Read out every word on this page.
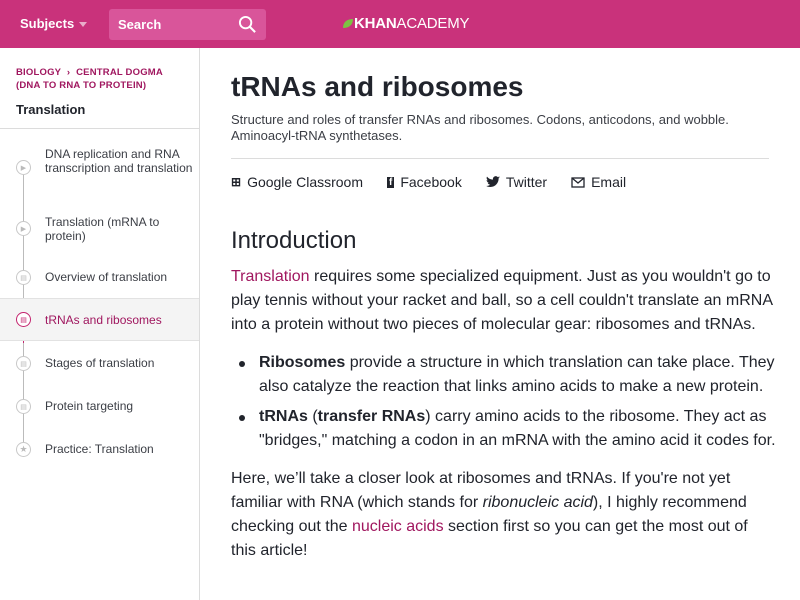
Subjects	Search	KHANACADEMY
BIOLOGY › CENTRAL DOGMA (DNA TO RNA TO PROTEIN)
Translation
▶
DNA replication and RNA transcription and translation
▶	Translation (mRNA to protein)
▤	Overview of translation
▤	tRNAs and ribosomes
▤	Stages of translation
▤	Protein targeting
★ Practice: Translation
tRNAs and ribosomes
Structure and roles of transfer RNAs and ribosomes. Codons, anticodons, and wobble. Aminoacyl-tRNA synthetases.
⊞ Google Classroom	f Facebook	Twitter	Email
Introduction
Translation requires some specialized equipment. Just as you wouldn't go to play tennis without your racket and ball, so a cell couldn't translate an mRNA into a protein without two pieces of molecular gear: ribosomes and tRNAs.
Ribosomes provide a structure in which translation can take place. They also catalyze the reaction that links amino acids to make a new protein.
tRNAs (transfer RNAs) carry amino acids to the ribosome. They act as "bridges," matching a codon in an mRNA with the amino acid it codes for.
Here, we’ll take a closer look at ribosomes and tRNAs. If you're not yet familiar with RNA (which stands for ribonucleic acid), I highly recommend checking out the nucleic acids section first so you can get the most out of this article!
